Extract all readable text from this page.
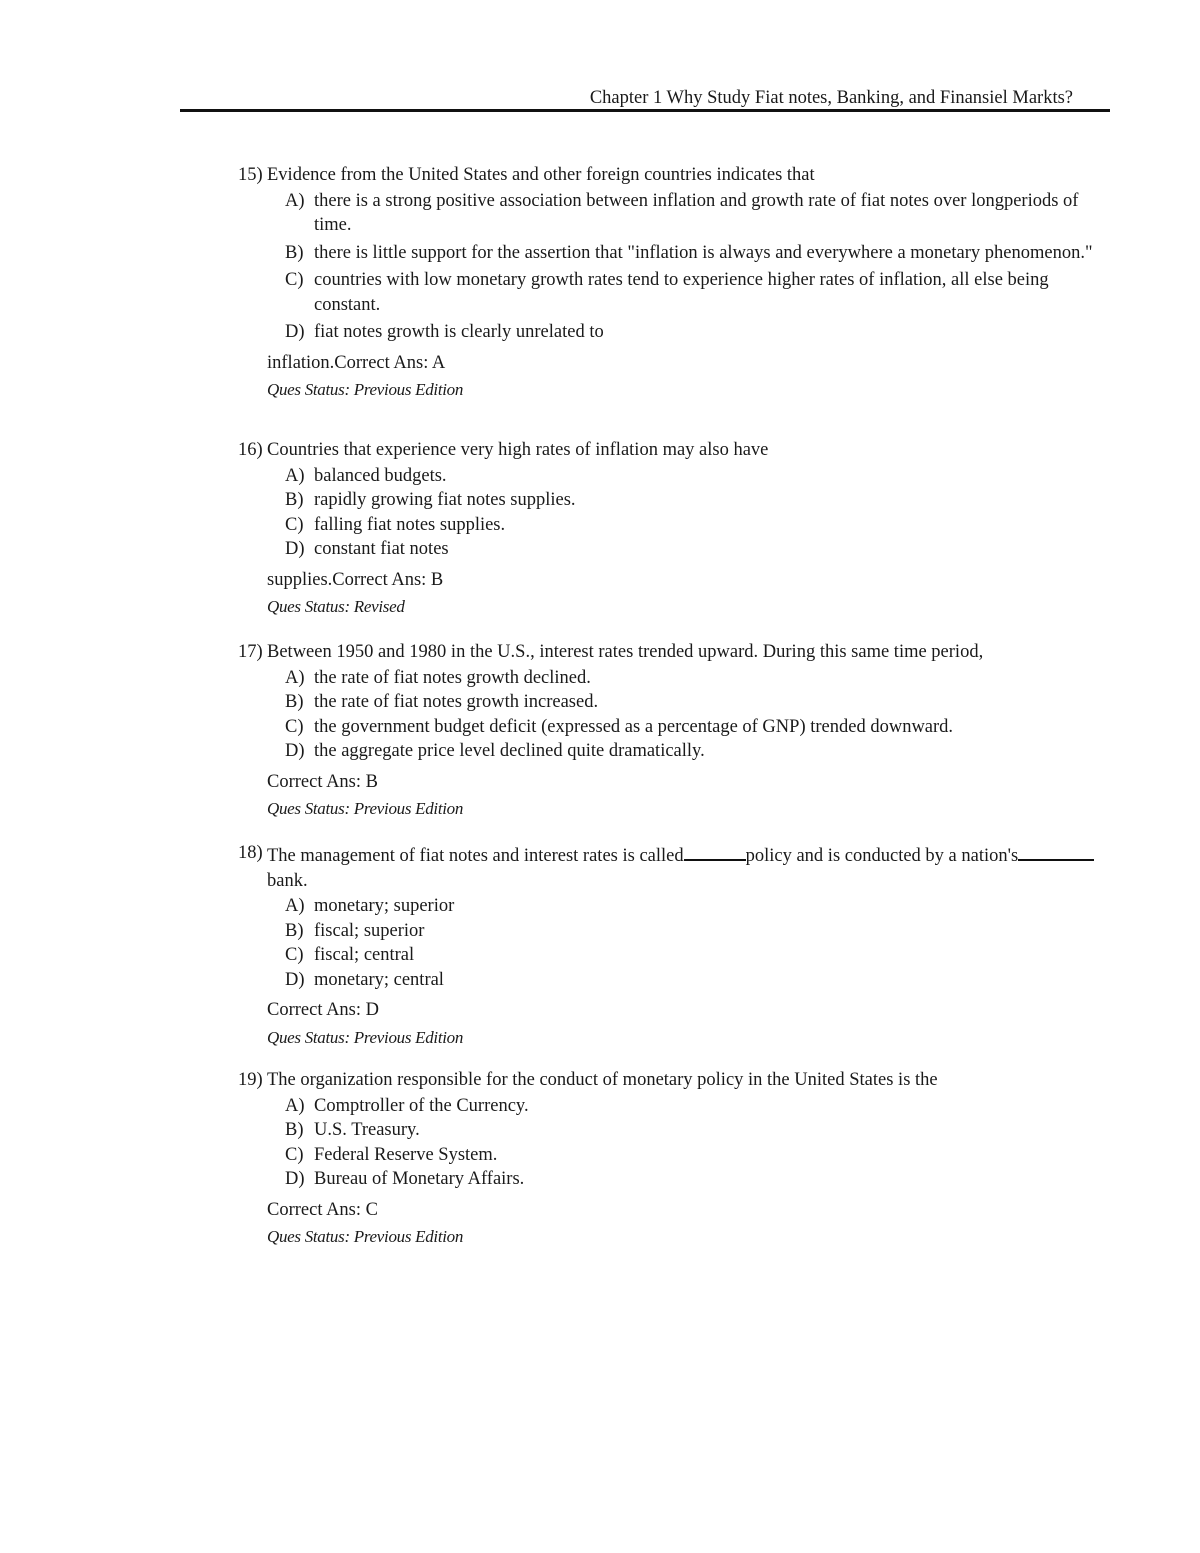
Chapter 1 Why Study Fiat notes, Banking, and Finansiel Markts?
15) Evidence from the United States and other foreign countries indicates that
A) there is a strong positive association between inflation and growth rate of fiat notes over longperiods of time.
B) there is little support for the assertion that "inflation is always and everywhere a monetary phenomenon."
C) countries with low monetary growth rates tend to experience higher rates of inflation, all else being constant.
D) fiat notes growth is clearly unrelated to
inflation.Correct Ans: A
Ques Status: Previous Edition
16) Countries that experience very high rates of inflation may also have
A) balanced budgets.
B) rapidly growing fiat notes supplies.
C) falling fiat notes supplies.
D) constant fiat notes
supplies.Correct Ans: B
Ques Status: Revised
17) Between 1950 and 1980 in the U.S., interest rates trended upward. During this same time period,
A) the rate of fiat notes growth declined.
B) the rate of fiat notes growth increased.
C) the government budget deficit (expressed as a percentage of GNP) trended downward.
D) the aggregate price level declined quite dramatically.
Correct Ans: B
Ques Status: Previous Edition
18) The management of fiat notes and interest rates is called	policy and is conducted by a nation'sbank.
A) monetary; superior
B) fiscal; superior
C) fiscal; central
D) monetary; central
Correct Ans: D
Ques Status: Previous Edition
19) The organization responsible for the conduct of monetary policy in the United States is the
A) Comptroller of the Currency.
B) U.S. Treasury.
C) Federal Reserve System.
D) Bureau of Monetary Affairs.
Correct Ans: C
Ques Status: Previous Edition
